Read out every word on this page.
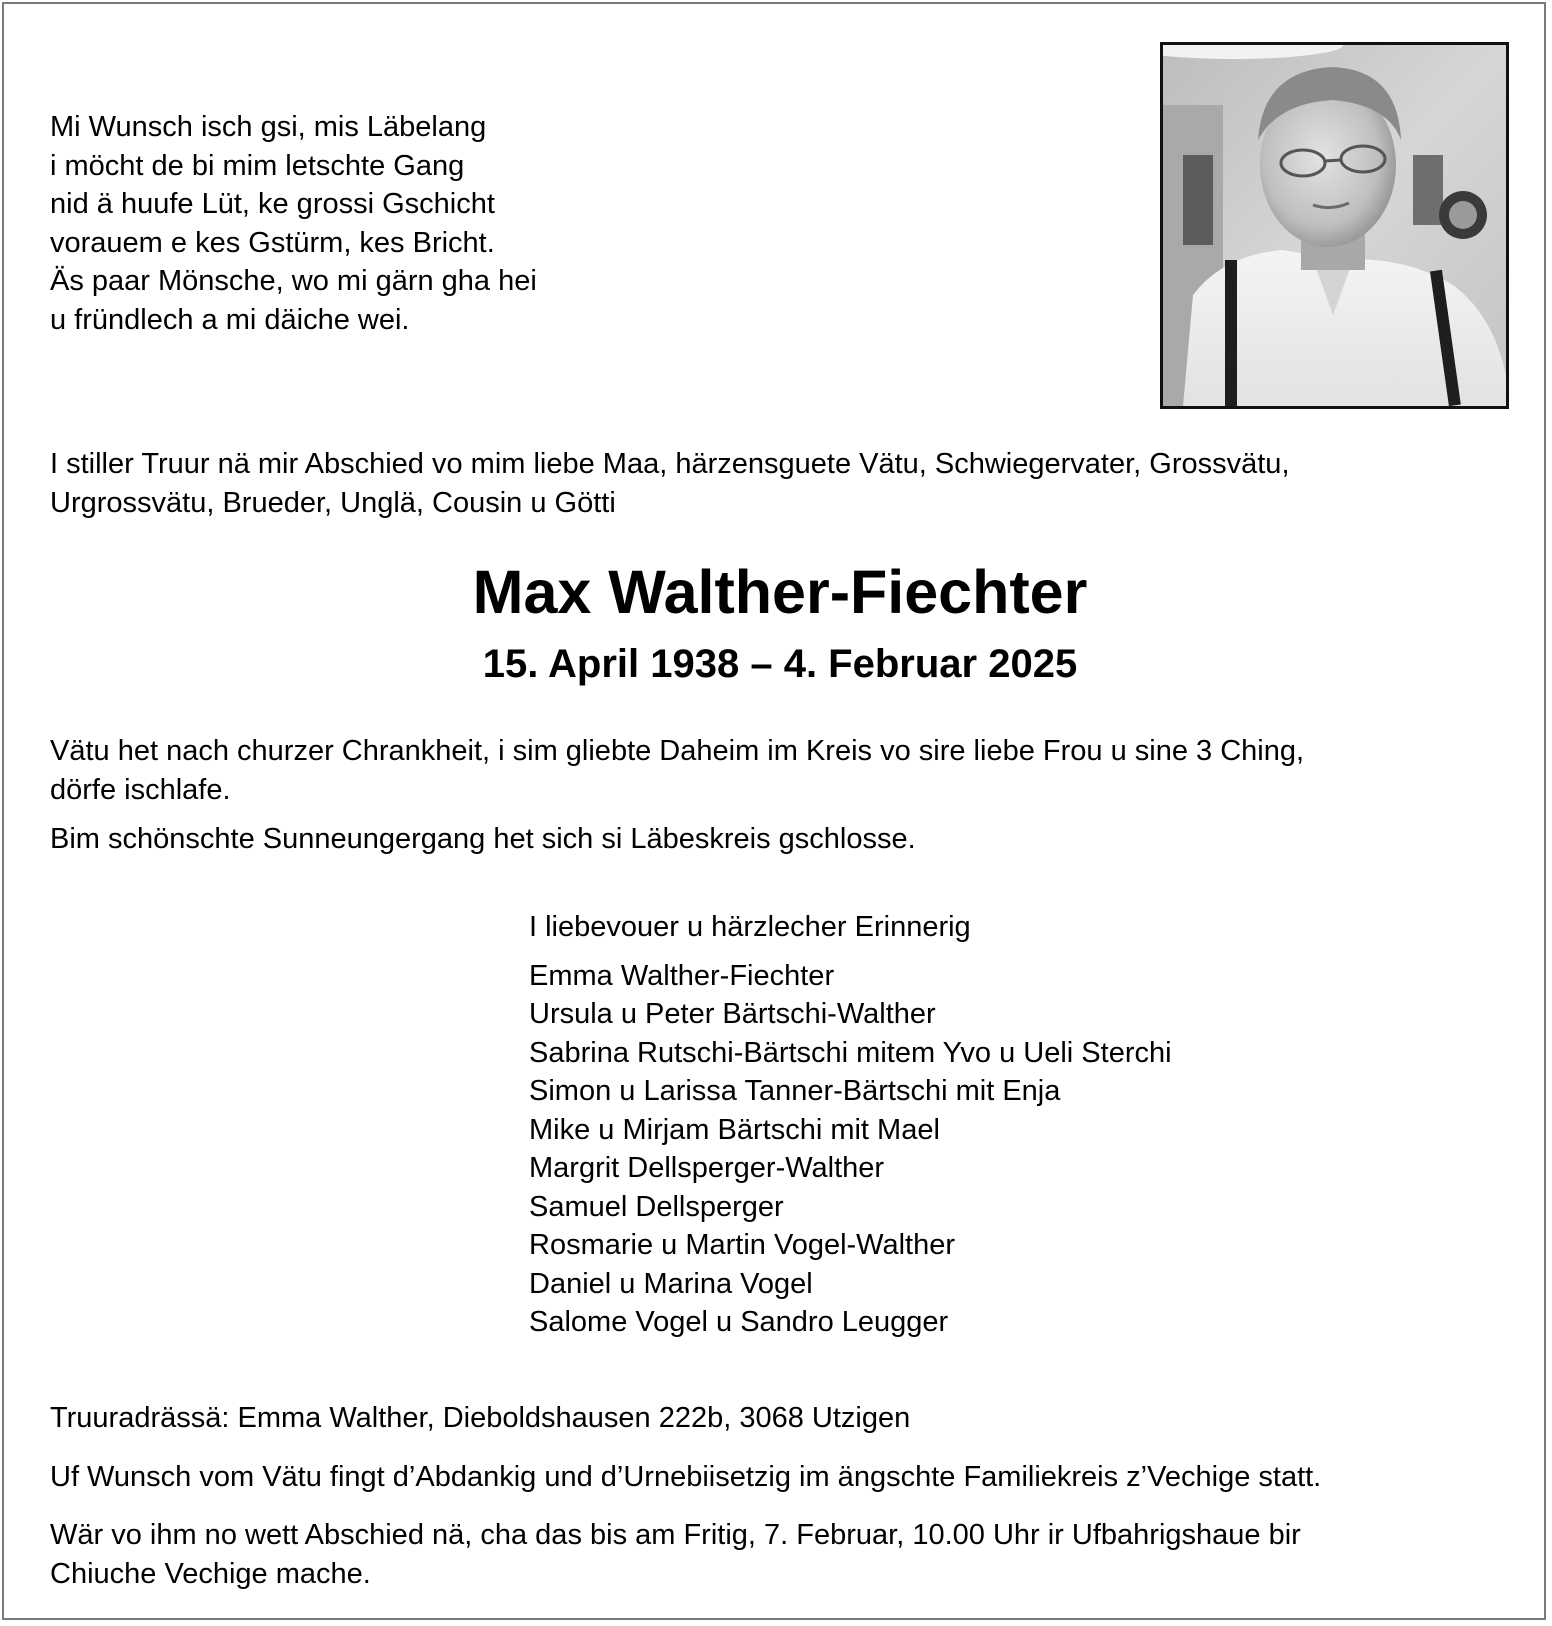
Mi Wunsch isch gsi, mis Läbelang
i möcht de bi mim letschte Gang
nid ä huufe Lüt, ke grossi Gschicht
vorauem e kes Gstürm, kes Bricht.
Äs paar Mönsche, wo mi gärn gha hei
u fründlech a mi däiche wei.
I stiller Truur nä mir Abschied vo mim liebe Maa, härzensguete Vätu, Schwiegervater, Grossvätu,
Urgrossvätu, Brueder, Unglä, Cousin u Götti
Max Walther-Fiechter
15. April 1938 – 4. Februar 2025
Vätu het nach churzer Chrankheit, i sim gliebte Daheim im Kreis vo sire liebe Frou u sine 3 Ching,
dörfe ischlafe.
Bim schönschte Sunneungergang het sich si Läbeskreis gschlosse.
I liebevouer u härzlecher Erinnerig
Emma Walther-Fiechter
Ursula u Peter Bärtschi-Walther
Sabrina Rutschi-Bärtschi mitem Yvo u Ueli Sterchi
Simon u Larissa Tanner-Bärtschi mit Enja
Mike u Mirjam Bärtschi mit Mael
Margrit Dellsperger-Walther
Samuel Dellsperger
Rosmarie u Martin Vogel-Walther
Daniel u Marina Vogel
Salome Vogel u Sandro Leugger
Truuradrässä: Emma Walther, Dieboldshausen 222b, 3068 Utzigen
Uf Wunsch vom Vätu fingt d’Abdankig und d’Urnebiisetzig im ängschte Familiekreis z’Vechige statt.
Wär vo ihm no wett Abschied nä, cha das bis am Fritig, 7. Februar, 10.00 Uhr ir Ufbahrigshaue bir
Chiuche Vechige mache.
